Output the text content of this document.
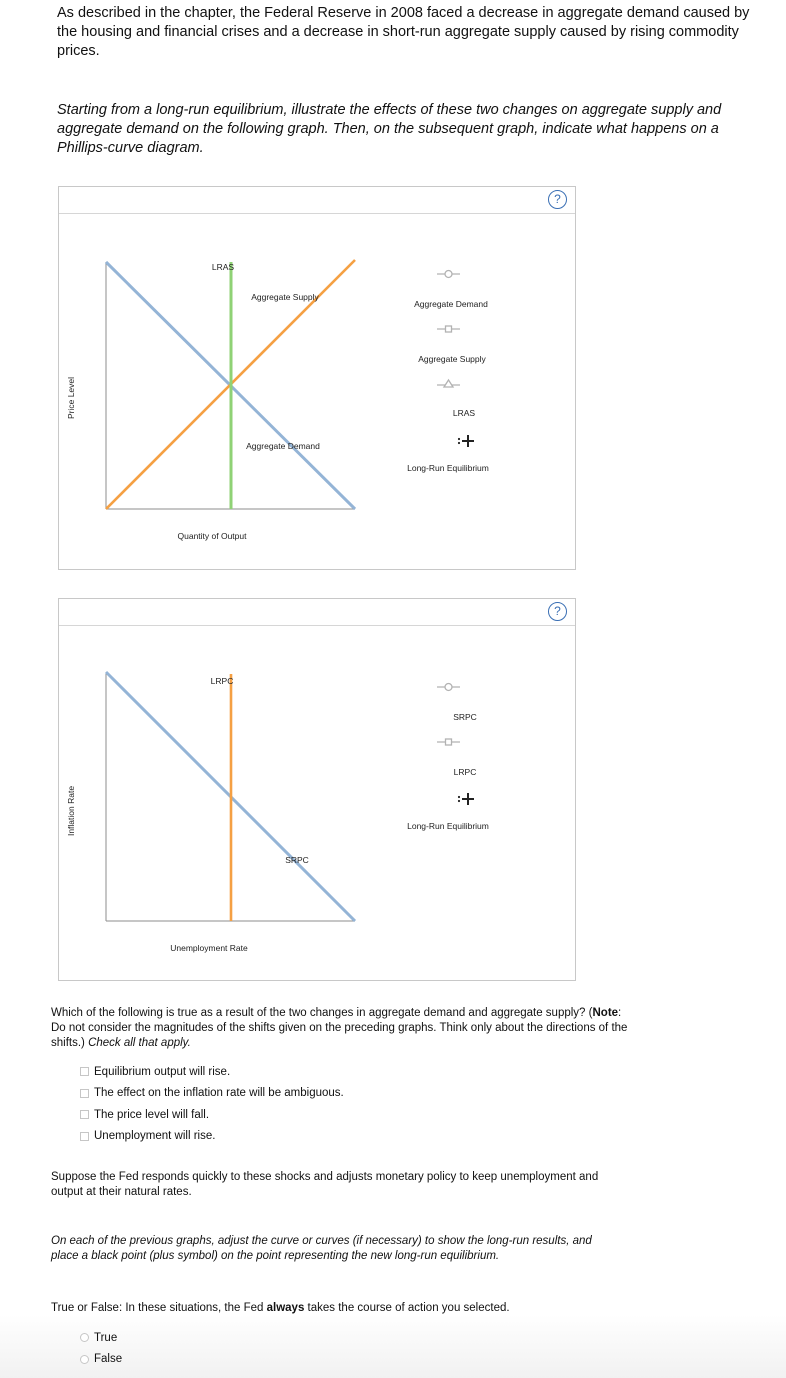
As described in the chapter, the Federal Reserve in 2008 faced a decrease in aggregate demand caused by the housing and financial crises and a decrease in short-run aggregate supply caused by rising commodity prices.

Starting from a long-run equilibrium, illustrate the effects of these two changes on aggregate supply and aggregate demand on the following graph. Then, on the subsequent graph, indicate what happens on a Phillips-curve diagram.

?
Price Level
Quantity of Output
LRAS
Aggregate Supply
Aggregate Demand
Aggregate Demand
Aggregate Supply
LRAS
Long-Run Equilibrium
?
Inflation Rate
Unemployment Rate
LRPC
SRPC
SRPC
LRPC
Long-Run Equilibrium

Which of the following is true as a result of the two changes in aggregate demand and aggregate supply? (Note: Do not consider the magnitudes of the shifts given on the preceding graphs. Think only about the directions of the shifts.) Check all that apply.

Equilibrium output will rise.
The effect on the inflation rate will be ambiguous.
The price level will fall.
Unemployment will rise.

Suppose the Fed responds quickly to these shocks and adjusts monetary policy to keep unemployment and output at their natural rates.

On each of the previous graphs, adjust the curve or curves (if necessary) to show the long-run results, and place a black point (plus symbol) on the point representing the new long-run equilibrium.

True or False: In these situations, the Fed always takes the course of action you selected.

True
False
